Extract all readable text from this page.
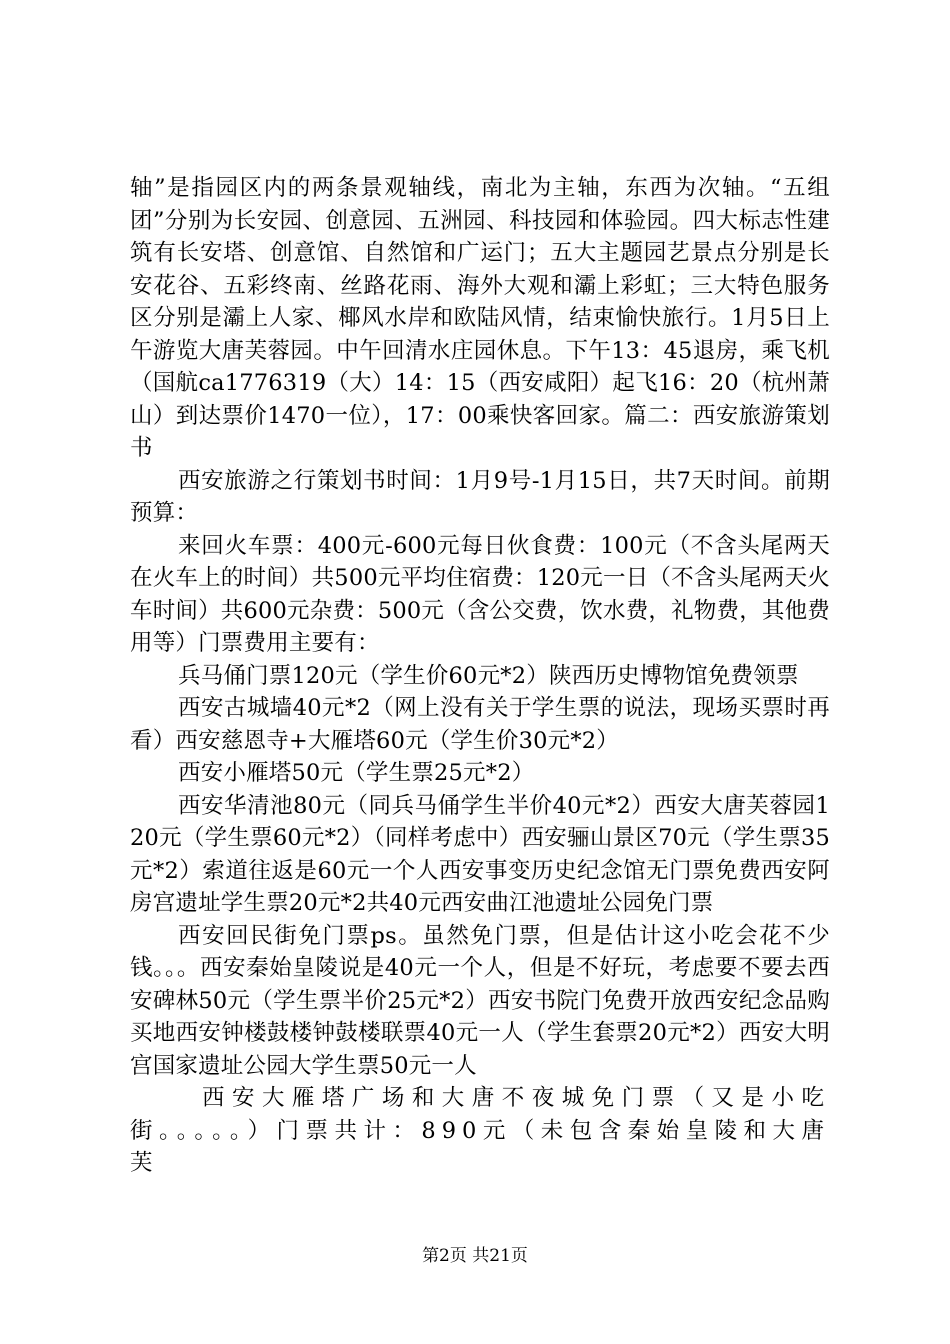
轴”是指园区内的两条景观轴线，南北为主轴，东西为次轴。“五组团”分别为长安园、创意园、五洲园、科技园和体验园。四大标志性建筑有长安塔、创意馆、自然馆和广运门；五大主题园艺景点分别是长安花谷、五彩终南、丝路花雨、海外大观和灞上彩虹；三大特色服务区分别是灞上人家、椰风水岸和欧陆风情，结束愉快旅行。1月5日上午游览大唐芙蓉园。中午回清水庄园休息。下午13：45退房，乘飞机（国航ca1776319（大）14：15（西安咸阳）起飞16：20（杭州萧山）到达票价1470一位），17：00乘快客回家。篇二：西安旅游策划书

西安旅游之行策划书时间：1月9号-1月15日，共7天时间。前期预算：

来回火车票：400元-600元每日伙食费：100元（不含头尾两天在火车上的时间）共500元平均住宿费：120元一日（不含头尾两天火车时间）共600元杂费：500元（含公交费，饮水费，礼物费，其他费用等）门票费用主要有：

兵马俑门票120元（学生价60元*2）陕西历史博物馆免费领票

西安古城墙40元*2（网上没有关于学生票的说法，现场买票时再看）西安慈恩寺+大雁塔60元（学生价30元*2）

西安小雁塔50元（学生票25元*2）

西安华清池80元（同兵马俑学生半价40元*2）西安大唐芙蓉园120元（学生票60元*2）（同样考虑中）西安骊山景区70元（学生票35元*2）索道往返是60元一个人西安事变历史纪念馆无门票免费西安阿房宫遗址学生票20元*2共40元西安曲江池遗址公园免门票

西安回民街免门票ps。虽然免门票，但是估计这小吃会花不少钱。。。西安秦始皇陵说是40元一个人，但是不好玩，考虑要不要去西安碑林50元（学生票半价25元*2）西安书院门免费开放西安纪念品购买地西安钟楼鼓楼钟鼓楼联票40元一人（学生套票20元*2）西安大明宫国家遗址公园大学生票50元一人

西安大雁塔广场和大唐不夜城免门票（又是小吃街。。。。。）门票共计：890元（未包含秦始皇陵和大唐芙

第2页 共21页
